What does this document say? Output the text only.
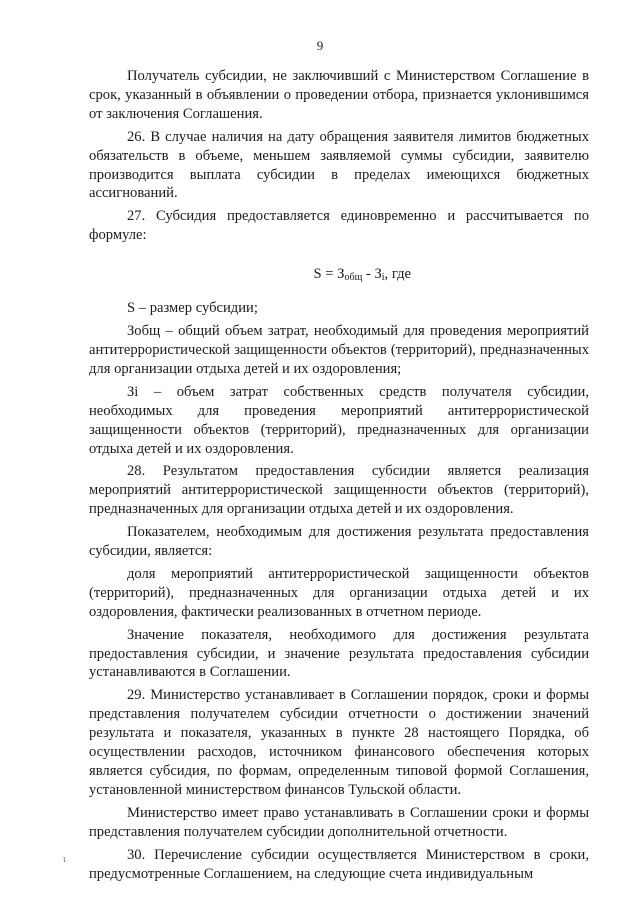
9

Получатель субсидии, не заключивший с Министерством Соглашение в срок, указанный в объявлении о проведении отбора, признается уклонившимся от заключения Соглашения.

26. В случае наличия на дату обращения заявителя лимитов бюджетных обязательств в объеме, меньшем заявляемой суммы субсидии, заявителю производится выплата субсидии в пределах имеющихся бюджетных ассигнований.

27. Субсидия предоставляется единовременно и рассчитывается по формуле:

$S = З_{общ} - З_i$, где

S – размер субсидии;

Зобщ – общий объем затрат, необходимый для проведения мероприятий антитеррористической защищенности объектов (территорий), предназначенных для организации отдыха детей и их оздоровления;

Зi – объем затрат собственных средств получателя субсидии, необходимых для проведения мероприятий антитеррористической защищенности объектов (территорий), предназначенных для организации отдыха детей и их оздоровления.

28. Результатом предоставления субсидии является реализация мероприятий антитеррористической защищенности объектов (территорий), предназначенных для организации отдыха детей и их оздоровления.

Показателем, необходимым для достижения результата предоставления субсидии, является:

доля мероприятий антитеррористической защищенности объектов (территорий), предназначенных для организации отдыха детей и их оздоровления, фактически реализованных в отчетном периоде.

Значение показателя, необходимого для достижения результата предоставления субсидии, и значение результата предоставления субсидии устанавливаются в Соглашении.

29. Министерство устанавливает в Соглашении порядок, сроки и формы представления получателем субсидии отчетности о достижении значений результата и показателя, указанных в пункте 28 настоящего Порядка, об осуществлении расходов, источником финансового обеспечения которых является субсидия, по формам, определенным типовой формой Соглашения, установленной министерством финансов Тульской области.

Министерство имеет право устанавливать в Соглашении сроки и формы представления получателем субсидии дополнительной отчетности.

30. Перечисление субсидии осуществляется Министерством в сроки, предусмотренные Соглашением, на следующие счета индивидуальным

ι
